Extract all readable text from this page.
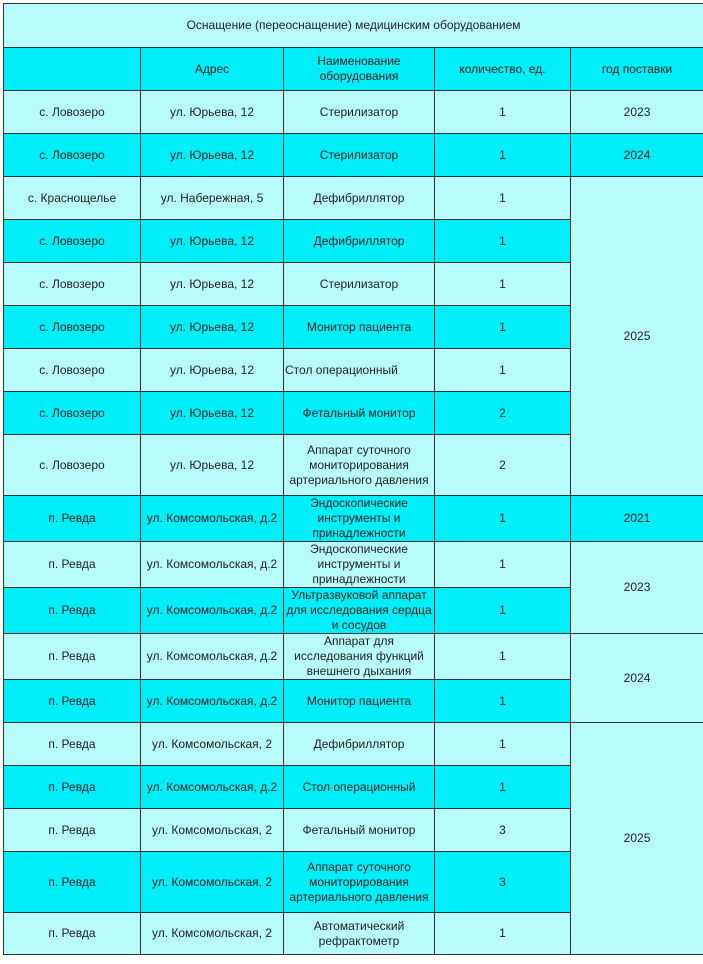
Оснащение (переоснащение) медицинским оборудованием				
	Адрес	Наименование оборудования	количество, ед.	год поставки
с. Ловозеро	ул. Юрьева, 12	Стерилизатор	1	2023
с. Ловозеро	ул. Юрьева, 12	Стерилизатор	1	2024
с. Краснощелье	ул. Набережная, 5	Дефибриллятор	1	2025
с. Ловозеро	ул. Юрьева, 12	Дефибриллятор	1	
с. Ловозеро	ул. Юрьева, 12	Стерилизатор	1	
с. Ловозеро	ул. Юрьева, 12	Монитор пациента	1	
с. Ловозеро	ул. Юрьева, 12	Стол операционный	1	
с. Ловозеро	ул. Юрьева, 12	Фетальный монитор	2	
с. Ловозеро	ул. Юрьева, 12	Аппарат суточного мониторирования артериального давления	2	
п. Ревда	ул. Комсомольская, д.2	Эндоскопические инструменты и принадлежности	1	2021
п. Ревда	ул. Комсомольская, д.2	Эндоскопические инструменты и принадлежности	1	2023
п. Ревда	ул. Комсомольская, д.2	Ультразвуковой аппарат для исследования сердца и сосудов	1	
п. Ревда	ул. Комсомольская, д.2	Аппарат для исследования функций внешнего дыхания	1	2024
п. Ревда	ул. Комсомольская, д.2	Монитор пациента	1	
п. Ревда	ул. Комсомольская, 2	Дефибриллятор	1	2025
п. Ревда	ул. Комсомольская, д.2	Стол операционный	1	
п. Ревда	ул. Комсомольская, 2	Фетальный монитор	3	
п. Ревда	ул. Комсомольская, 2	Аппарат суточного мониторирования артериального давления	3	
п. Ревда	ул. Комсомольская, 2	Автоматический рефрактометр	1	
